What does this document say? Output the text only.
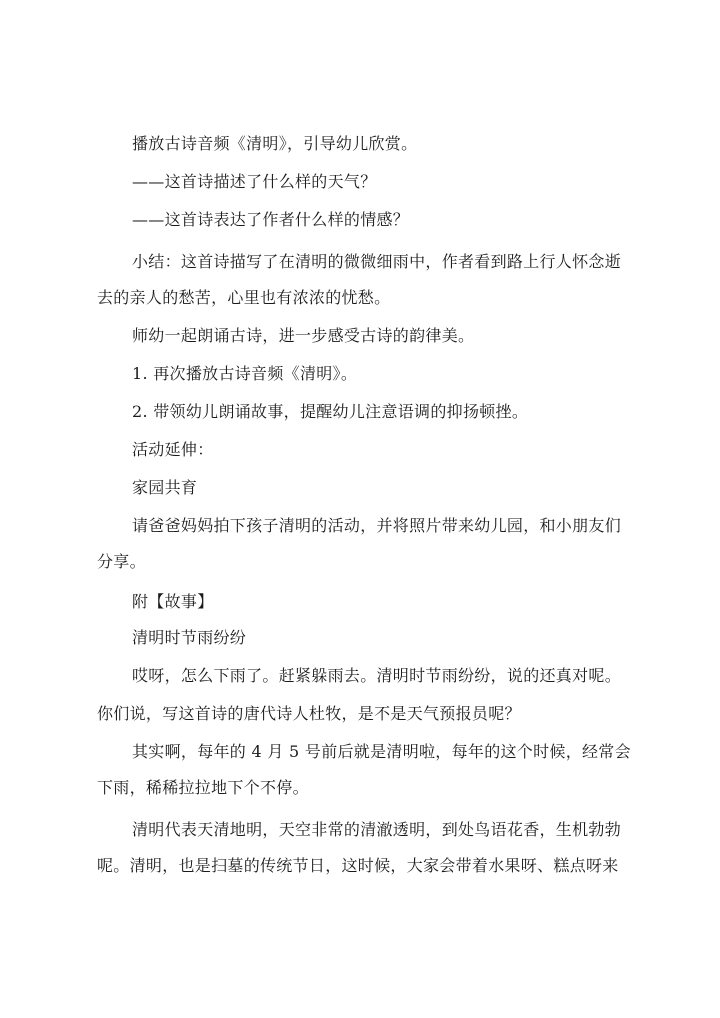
播放古诗音频《清明》，引导幼儿欣赏。
——这首诗描述了什么样的天气？
——这首诗表达了作者什么样的情感？
小结：这首诗描写了在清明的微微细雨中，作者看到路上行人怀念逝
去的亲人的愁苦，心里也有浓浓的忧愁。
师幼一起朗诵古诗，进一步感受古诗的韵律美。
1. 再次播放古诗音频《清明》。
2. 带领幼儿朗诵故事，提醒幼儿注意语调的抑扬顿挫。
活动延伸：
家园共育
请爸爸妈妈拍下孩子清明的活动，并将照片带来幼儿园，和小朋友们
分享。
附【故事】
清明时节雨纷纷
哎呀，怎么下雨了。赶紧躲雨去。清明时节雨纷纷，说的还真对呢。
你们说，写这首诗的唐代诗人杜牧，是不是天气预报员呢？
其实啊，每年的 4 月 5 号前后就是清明啦，每年的这个时候，经常会
下雨，稀稀拉拉地下个不停。
清明代表天清地明，天空非常的清澈透明，到处鸟语花香，生机勃勃
呢。清明，也是扫墓的传统节日，这时候，大家会带着水果呀、糕点呀来
